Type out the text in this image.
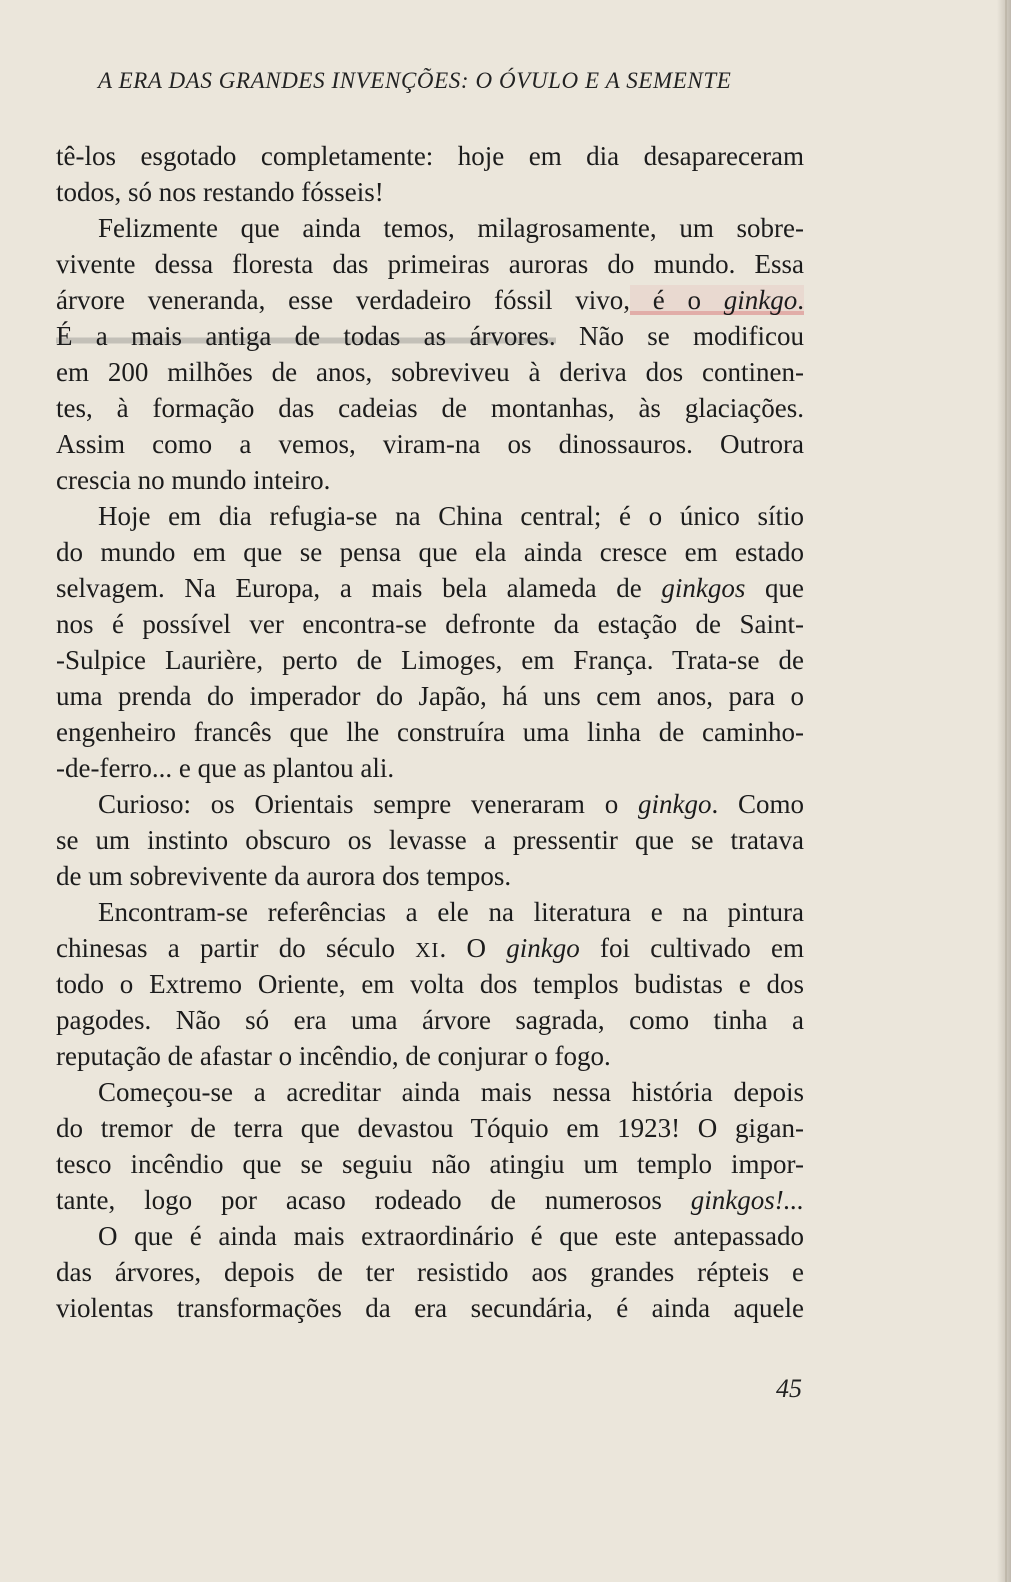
A ERA DAS GRANDES INVENÇÕES: O ÓVULO E A SEMENTE
tê-los esgotado completamente: hoje em dia desapareceram
todos, só nos restando fósseis!
Felizmente que ainda temos, milagrosamente, um sobre-
vivente dessa floresta das primeiras auroras do mundo. Essa
árvore veneranda, esse verdadeiro fóssil vivo, é o ginkgo.
É a mais antiga de todas as árvores. Não se modificou
em 200 milhões de anos, sobreviveu à deriva dos continen-
tes, à formação das cadeias de montanhas, às glaciações.
Assim como a vemos, viram-na os dinossauros. Outrora
crescia no mundo inteiro.
Hoje em dia refugia-se na China central; é o único sítio
do mundo em que se pensa que ela ainda cresce em estado
selvagem. Na Europa, a mais bela alameda de ginkgos que
nos é possível ver encontra-se defronte da estação de Saint-
-Sulpice Laurière, perto de Limoges, em França. Trata-se de
uma prenda do imperador do Japão, há uns cem anos, para o
engenheiro francês que lhe construíra uma linha de caminho-
-de-ferro... e que as plantou ali.
Curioso: os Orientais sempre veneraram o ginkgo. Como
se um instinto obscuro os levasse a pressentir que se tratava
de um sobrevivente da aurora dos tempos.
Encontram-se referências a ele na literatura e na pintura
chinesas a partir do século XI. O ginkgo foi cultivado em
todo o Extremo Oriente, em volta dos templos budistas e dos
pagodes. Não só era uma árvore sagrada, como tinha a
reputação de afastar o incêndio, de conjurar o fogo.
Começou-se a acreditar ainda mais nessa história depois
do tremor de terra que devastou Tóquio em 1923! O gigan-
tesco incêndio que se seguiu não atingiu um templo impor-
tante, logo por acaso rodeado de numerosos ginkgos!...
O que é ainda mais extraordinário é que este antepassado
das árvores, depois de ter resistido aos grandes répteis e
violentas transformações da era secundária, é ainda aquele
45
